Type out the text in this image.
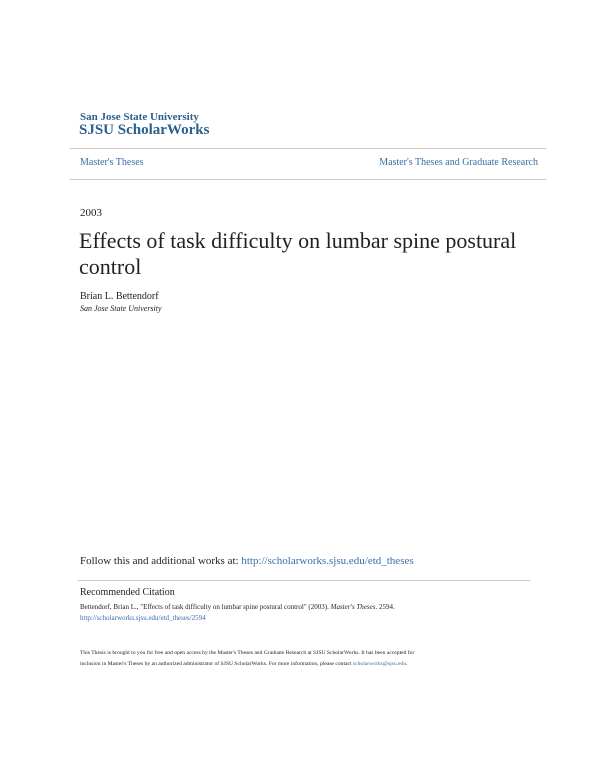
San Jose State University
SJSU ScholarWorks
Master's Theses	Master's Theses and Graduate Research
2003
Effects of task difficulty on lumbar spine postural control
Brian L. Bettendorf
San Jose State University
Follow this and additional works at: http://scholarworks.sjsu.edu/etd_theses
Recommended Citation
Bettendorf, Brian L., "Effects of task difficulty on lumbar spine postural control" (2003). Master's Theses. 2594.
http://scholarworks.sjsu.edu/etd_theses/2594
This Thesis is brought to you for free and open access by the Master's Theses and Graduate Research at SJSU ScholarWorks. It has been accepted for
inclusion in Master's Theses by an authorized administrator of SJSU ScholarWorks. For more information, please contact scholarworks@sjsu.edu.
